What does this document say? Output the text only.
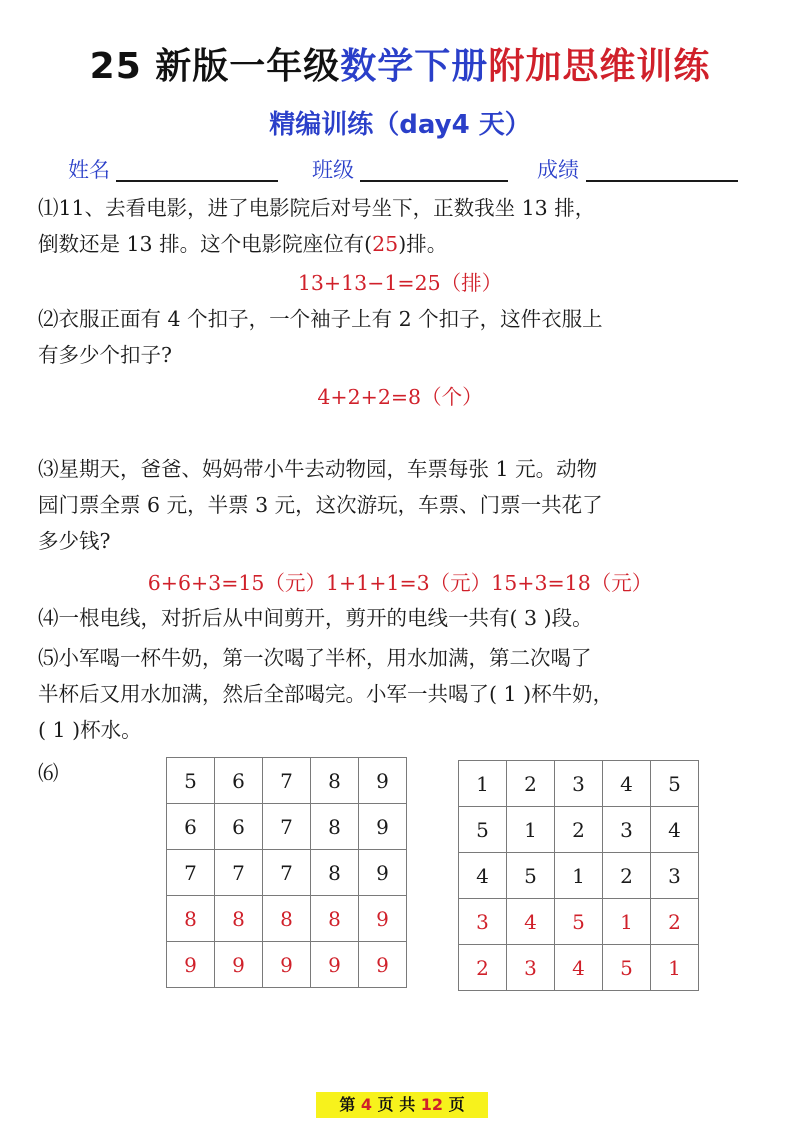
25 新版一年级数学下册附加思维训练
精编训练（day4 天）
姓名	班级	成绩
⑴11、去看电影，进了电影院后对号坐下，正数我坐 13 排，
倒数还是 13 排。这个电影院座位有(25)排。
13+13−1=25（排）
⑵衣服正面有 4 个扣子，一个袖子上有 2 个扣子，这件衣服上
有多少个扣子?
4+2+2=8（个）
⑶星期天，爸爸、妈妈带小牛去动物园，车票每张 1 元。动物
园门票全票 6 元，半票 3 元，这次游玩，车票、门票一共花了
多少钱?
6+6+3=15（元）1+1+1=3（元）15+3=18（元）
⑷一根电线，对折后从中间剪开，剪开的电线一共有( 3 )段。
⑸小军喝一杯牛奶，第一次喝了半杯，用水加满，第二次喝了
半杯后又用水加满，然后全部喝完。小军一共喝了( 1 )杯牛奶，
( 1 )杯水。
⑹	5	6	7	8	9
6	6	7	8	9
7	7	7	8	9
8	8	8	8	9
9	9	9	9	9
1	2	3	4	5
5	1	2	3	4
4	5	1	2	3
3	4	5	1	2
2	3	4	5	1
第 4 页 共 12 页
